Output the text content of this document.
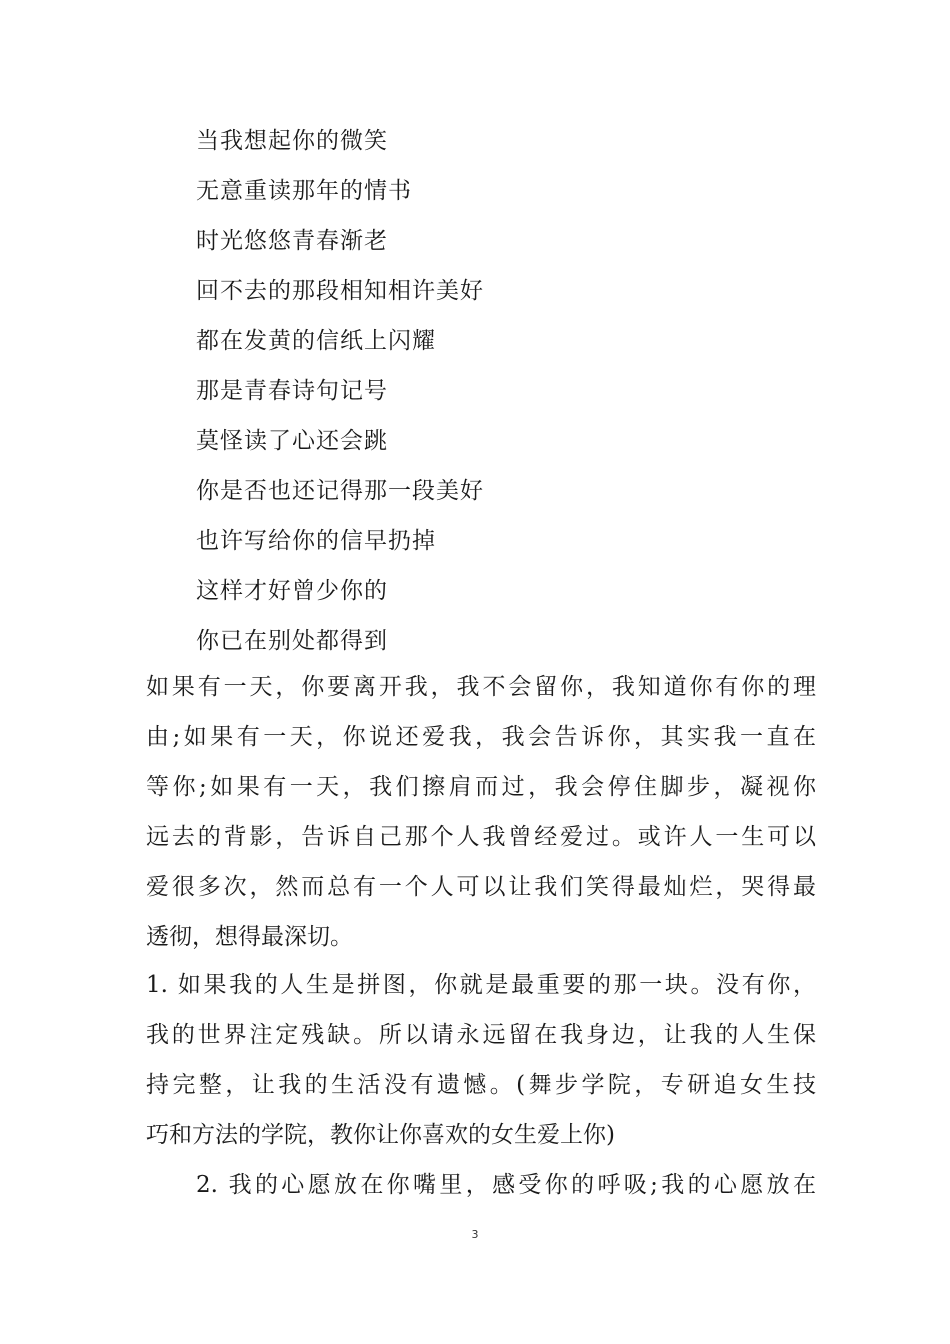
当我想起你的微笑
无意重读那年的情书
时光悠悠青春渐老
回不去的那段相知相许美好
都在发黄的信纸上闪耀
那是青春诗句记号
莫怪读了心还会跳
你是否也还记得那一段美好
也许写给你的信早扔掉
这样才好曾少你的
你已在别处都得到
如果有一天，你要离开我，我不会留你，我知道你有你的理
由;如果有一天，你说还爱我，我会告诉你，其实我一直在
等你;如果有一天，我们擦肩而过，我会停住脚步，凝视你
远去的背影，告诉自己那个人我曾经爱过。或许人一生可以
爱很多次，然而总有一个人可以让我们笑得最灿烂，哭得最
透彻，想得最深切。
1. 如果我的人生是拼图，你就是最重要的那一块。没有你，
我的世界注定残缺。所以请永远留在我身边，让我的人生保
持完整，让我的生活没有遗憾。(舞步学院，专研追女生技
巧和方法的学院，教你让你喜欢的女生爱上你)
2. 我的心愿放在你嘴里，感受你的呼吸;我的心愿放在
3
